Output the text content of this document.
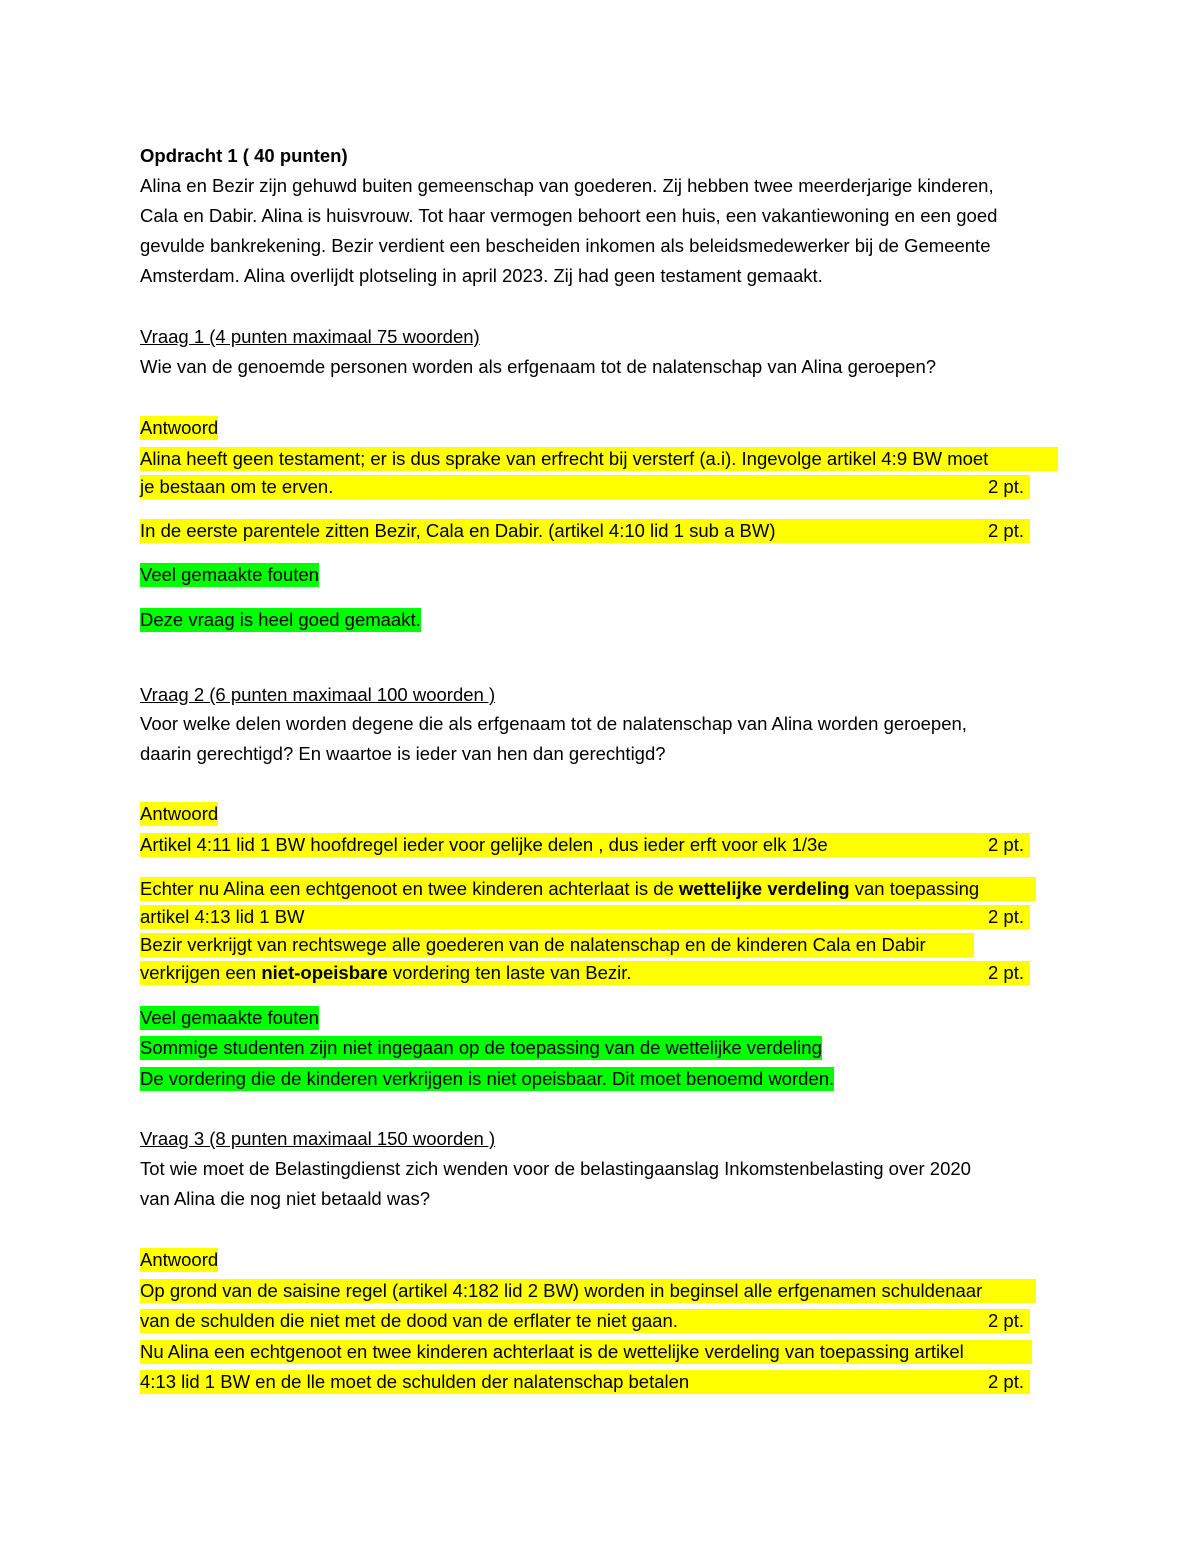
Opdracht 1 ( 40 punten)
Alina en Bezir zijn gehuwd buiten gemeenschap van goederen. Zij hebben twee meerderjarige kinderen,
Cala en Dabir. Alina is huisvrouw. Tot haar vermogen behoort een huis, een vakantiewoning en een goed
gevulde bankrekening. Bezir verdient een bescheiden inkomen als beleidsmedewerker bij de Gemeente
Amsterdam. Alina overlijdt plotseling in april 2023. Zij had geen testament gemaakt.
Vraag 1 (4 punten maximaal 75 woorden)
Wie van de genoemde personen worden als erfgenaam tot de nalatenschap van Alina geroepen?
Antwoord
Alina heeft geen testament; er is dus sprake van erfrecht bij versterf (a.i). Ingevolge artikel 4:9 BW moet
je bestaan om te erven.	2 pt.
In de eerste parentele zitten Bezir, Cala en Dabir. (artikel 4:10 lid 1 sub a BW)	2 pt.
Veel gemaakte fouten
Deze vraag is heel goed gemaakt.
Vraag 2 (6 punten maximaal 100 woorden )
Voor welke delen worden degene die als erfgenaam tot de nalatenschap van Alina worden geroepen,
daarin gerechtigd? En waartoe is ieder van hen dan gerechtigd?
Antwoord
Artikel 4:11 lid 1 BW hoofdregel ieder voor gelijke delen , dus ieder erft voor elk 1/3e	2 pt.
Echter nu Alina een echtgenoot en twee kinderen achterlaat is de wettelijke verdeling van toepassing
artikel 4:13 lid 1 BW	2 pt.
Bezir verkrijgt van rechtswege alle goederen van de nalatenschap en de kinderen Cala en Dabir
verkrijgen een niet-opeisbare vordering ten laste van Bezir.	2 pt.
Veel gemaakte fouten
Sommige studenten zijn niet ingegaan op de toepassing van de wettelijke verdeling
De vordering die de kinderen verkrijgen is niet opeisbaar. Dit moet benoemd worden.
Vraag 3 (8 punten maximaal 150 woorden )
Tot wie moet de Belastingdienst zich wenden voor de belastingaanslag Inkomstenbelasting over 2020
van Alina die nog niet betaald was?
Antwoord
Op grond van de saisine regel (artikel 4:182 lid 2 BW) worden in beginsel alle erfgenamen schuldenaar
van de schulden die niet met de dood van de erflater te niet gaan.	2 pt.
Nu Alina een echtgenoot en twee kinderen achterlaat is de wettelijke verdeling van toepassing artikel
4:13 lid 1 BW en de lle moet de schulden der nalatenschap betalen	2 pt.
